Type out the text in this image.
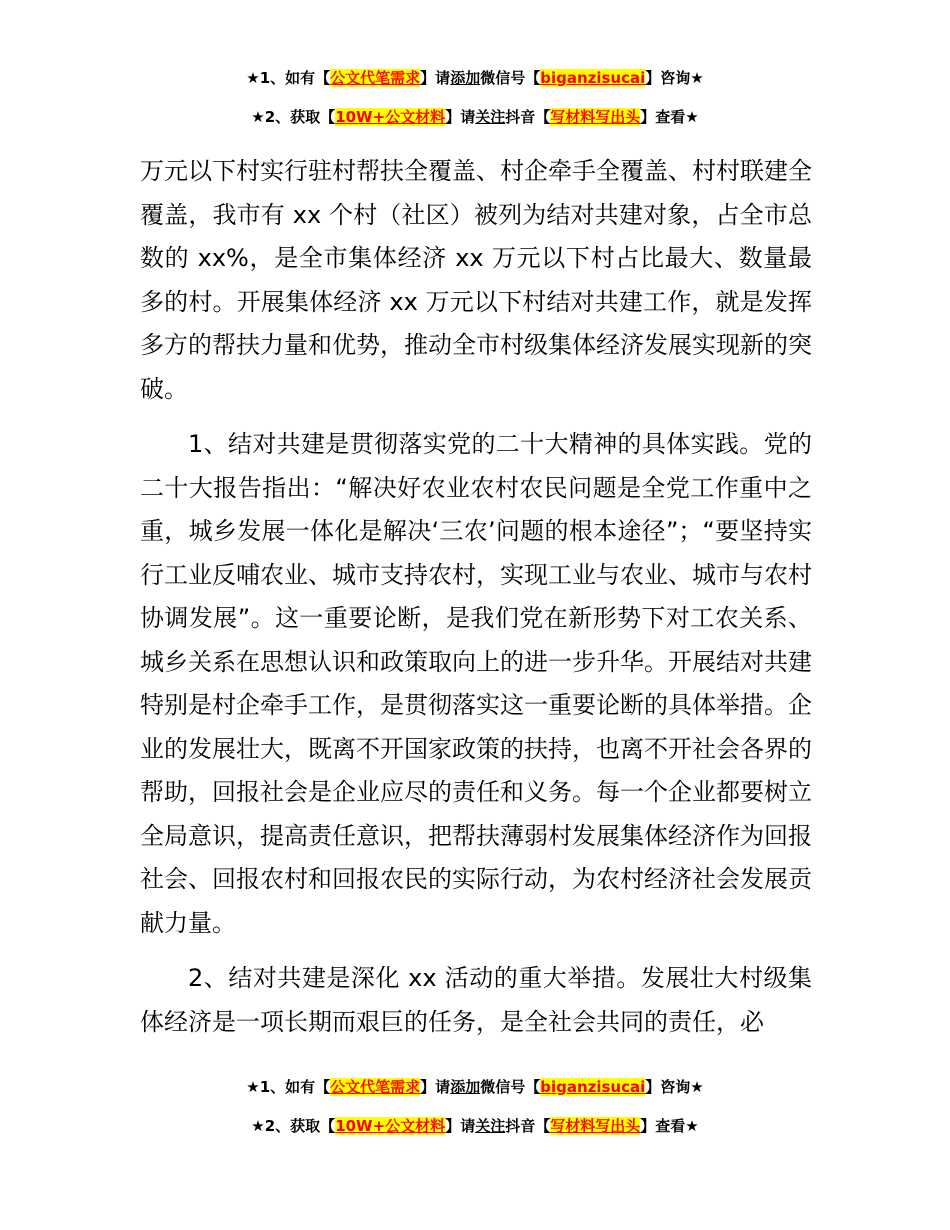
★1、如有【公文代笔需求】请添加微信号【biganzisucai】咨询★
★2、获取【10W+公文材料】请关注抖音【写材料写出头】查看★

万元以下村实行驻村帮扶全覆盖、村企牵手全覆盖、村村联建全覆盖，我市有 xx 个村（社区）被列为结对共建对象，占全市总数的 xx%，是全市集体经济 xx 万元以下村占比最大、数量最多的村。开展集体经济 xx 万元以下村结对共建工作，就是发挥多方的帮扶力量和优势，推动全市村级集体经济发展实现新的突破。

1、结对共建是贯彻落实党的二十大精神的具体实践。党的二十大报告指出：“解决好农业农村农民问题是全党工作重中之重，城乡发展一体化是解决‘三农’问题的根本途径”；“要坚持实行工业反哺农业、城市支持农村，实现工业与农业、城市与农村协调发展”。这一重要论断，是我们党在新形势下对工农关系、城乡关系在思想认识和政策取向上的进一步升华。开展结对共建特别是村企牵手工作，是贯彻落实这一重要论断的具体举措。企业的发展壮大，既离不开国家政策的扶持，也离不开社会各界的帮助，回报社会是企业应尽的责任和义务。每一个企业都要树立全局意识，提高责任意识，把帮扶薄弱村发展集体经济作为回报社会、回报农村和回报农民的实际行动，为农村经济社会发展贡献力量。

2、结对共建是深化 xx 活动的重大举措。发展壮大村级集体经济是一项长期而艰巨的任务，是全社会共同的责任，必

★1、如有【公文代笔需求】请添加微信号【biganzisucai】咨询★
★2、获取【10W+公文材料】请关注抖音【写材料写出头】查看★
